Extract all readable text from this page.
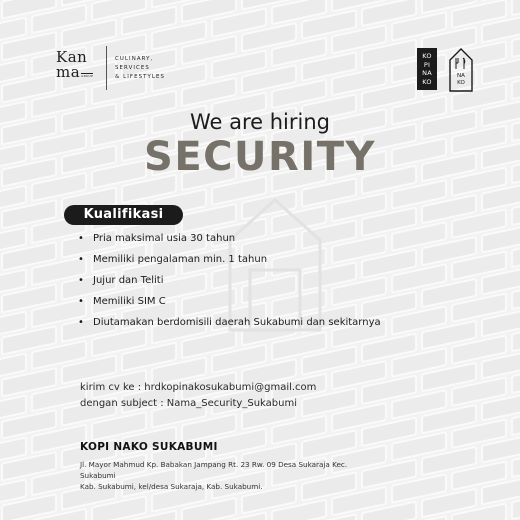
Kan
ma GROUP
CULINARY,
SERVICES
& LIFESTYLES
KO
PI
NA
KO
NA
KO
We are hiring
SECURITY
Kualifikasi
• Pria maksimal usia 30 tahun
• Memiliki pengalaman min. 1 tahun
• Jujur dan Teliti
• Memiliki SIM C
• Diutamakan berdomisili daerah Sukabumi dan sekitarnya
kirim cv ke : hrdkopinakosukabumi@gmail.com
dengan subject : Nama_Security_Sukabumi
KOPI NAKO SUKABUMI
Jl. Mayor Mahmud Kp. Babakan Jampang Rt. 23 Rw. 09 Desa Sukaraja Kec. Sukabumi
Kab. Sukabumi, kel/desa Sukaraja, Kab. Sukabumi.
